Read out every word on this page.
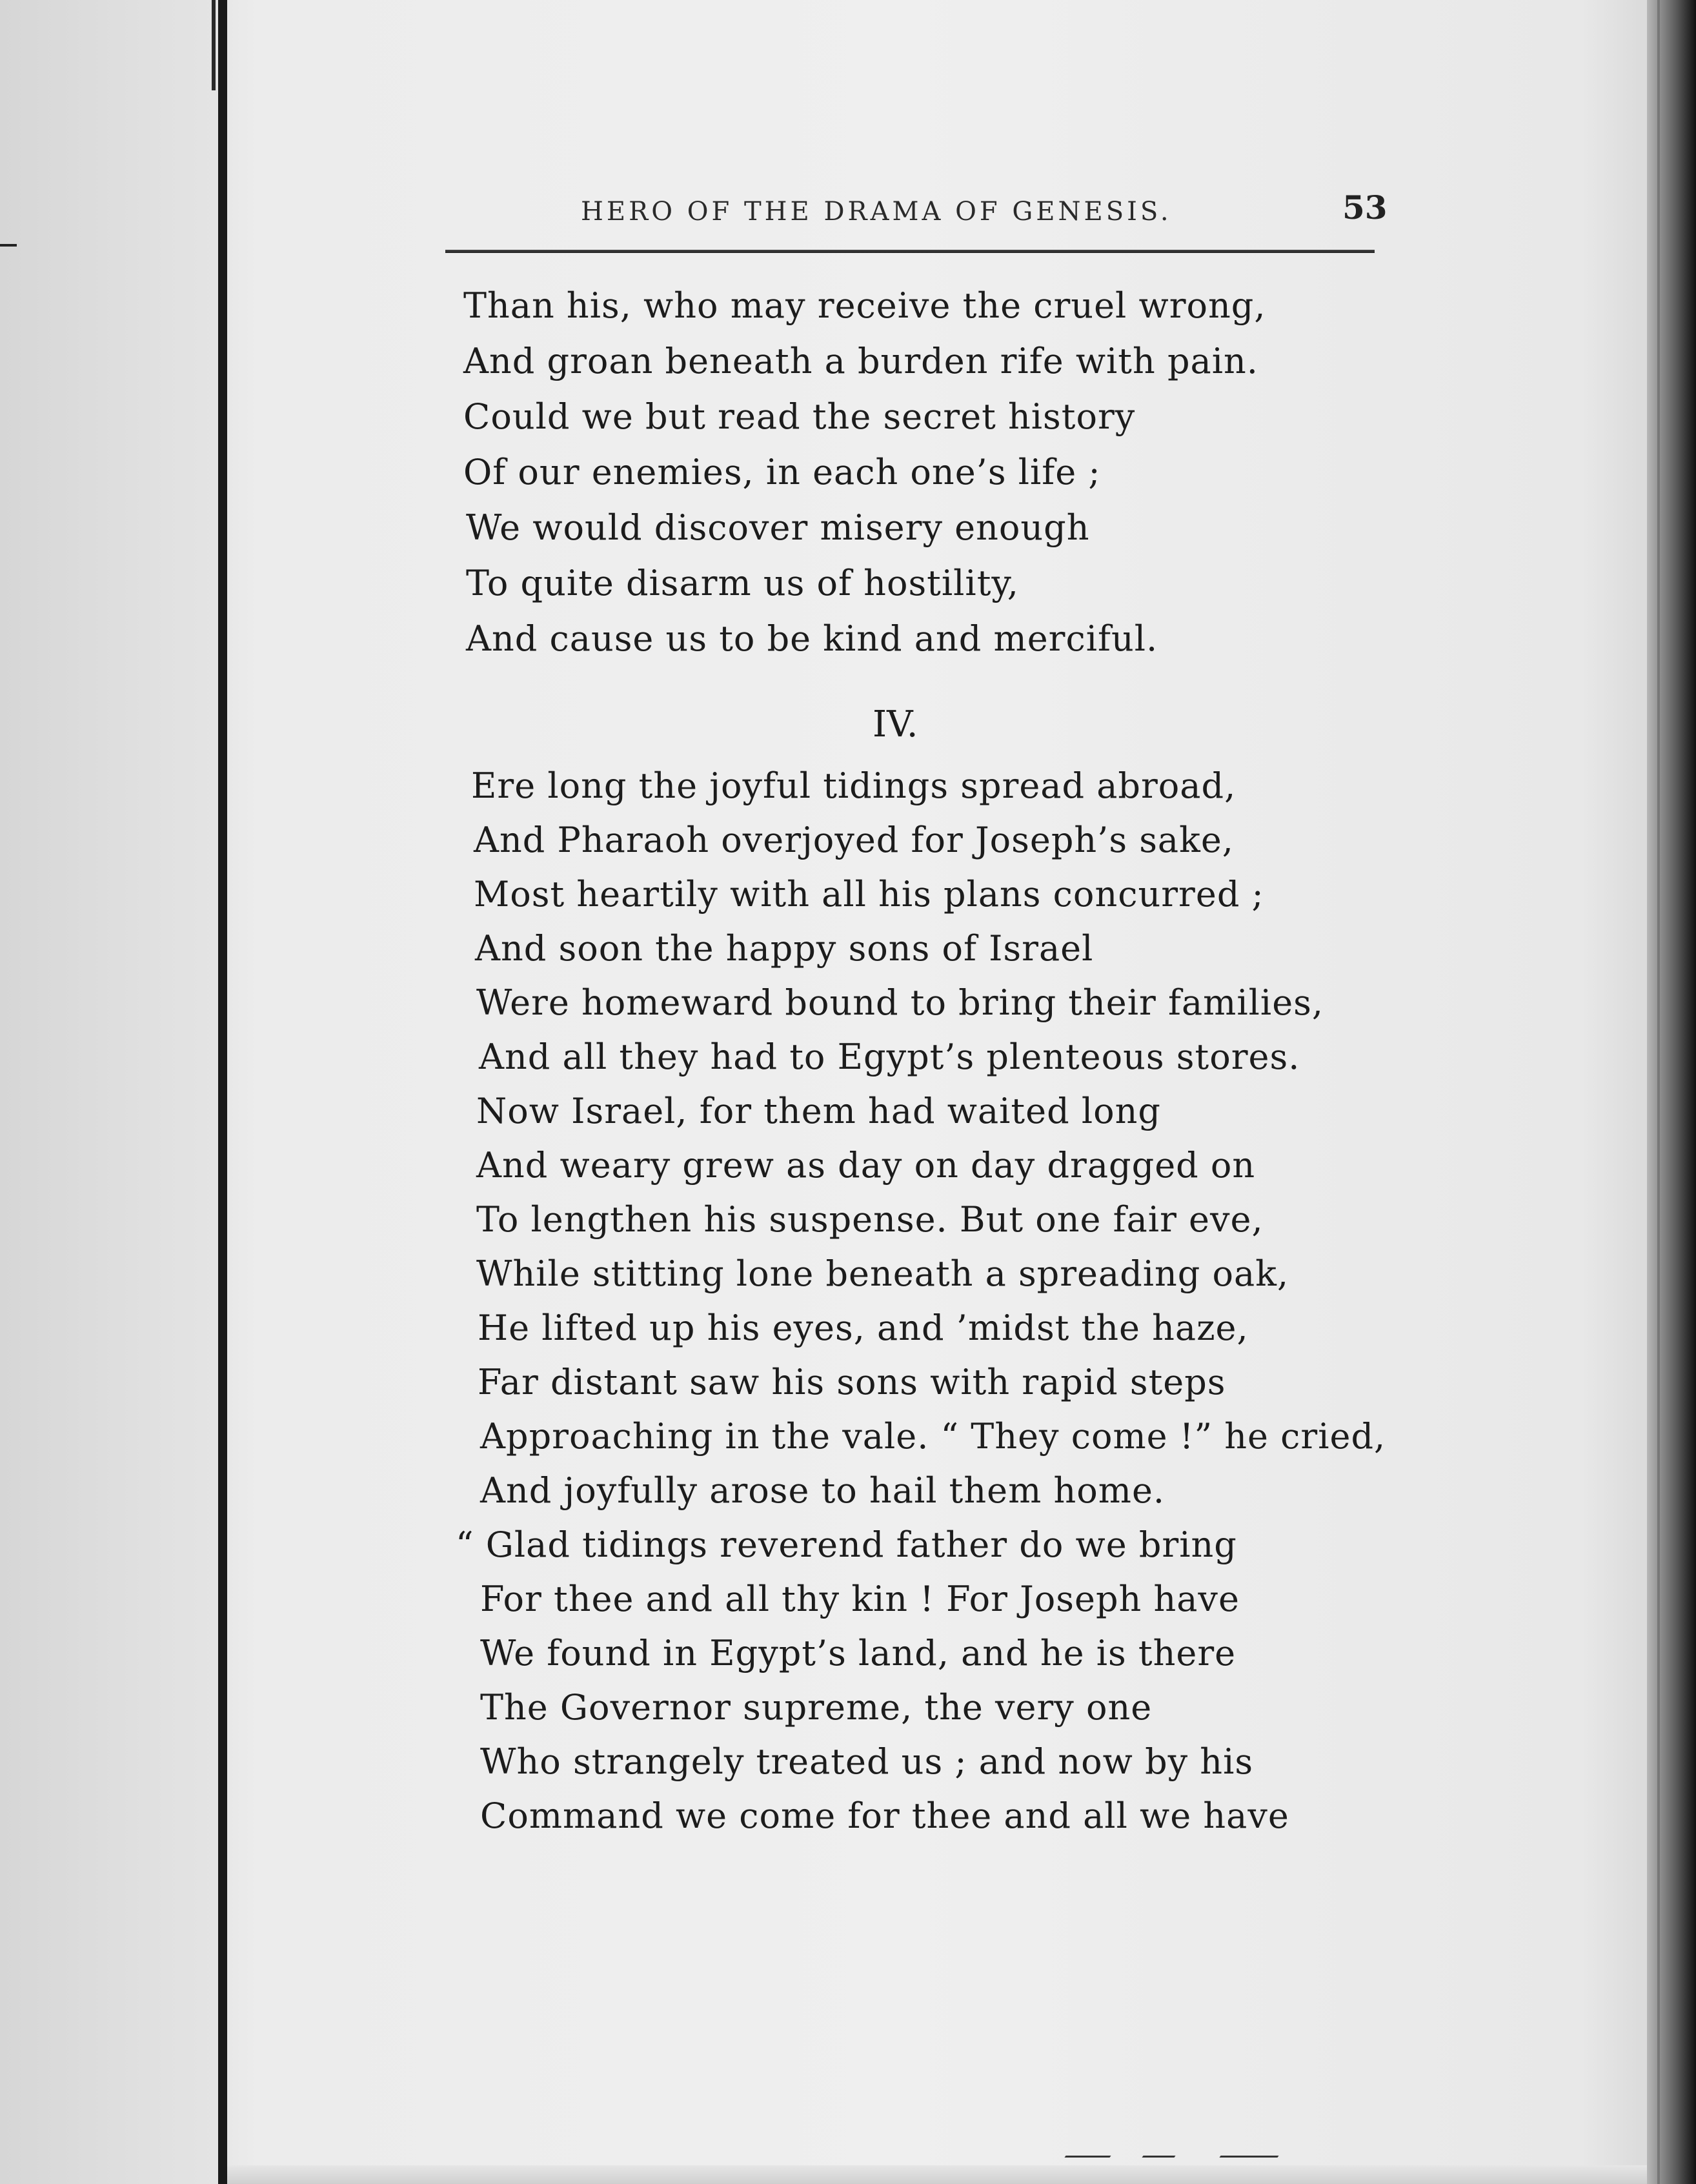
HERO OF THE DRAMA OF GENESIS.	53
Than his, who may receive the cruel wrong,
And groan beneath a burden rife with pain.
Could we but read the secret history
Of our enemies, in each one’s life ;
We would discover misery enough
To quite disarm us of hostility,
And cause us to be kind and merciful.
IV.
Ere long the joyful tidings spread abroad,
And Pharaoh overjoyed for Joseph’s sake,
Most heartily with all his plans concurred ;
And soon the happy sons of Israel
Were homeward bound to bring their families,
And all they had to Egypt’s plenteous stores.
Now Israel, for them had waited long
And weary grew as day on day dragged on
To lengthen his suspense. But one fair eve,
While stitting lone beneath a spreading oak,
He lifted up his eyes, and ’midst the haze,
Far distant saw his sons with rapid steps
Approaching in the vale. “ They come !” he cried,
And joyfully arose to hail them home.
“ Glad tidings reverend father do we bring
For thee and all thy kin ! For Joseph have
We found in Egypt’s land, and he is there
The Governor supreme, the very one
Who strangely treated us ; and now by his
Command we come for thee and all we have
